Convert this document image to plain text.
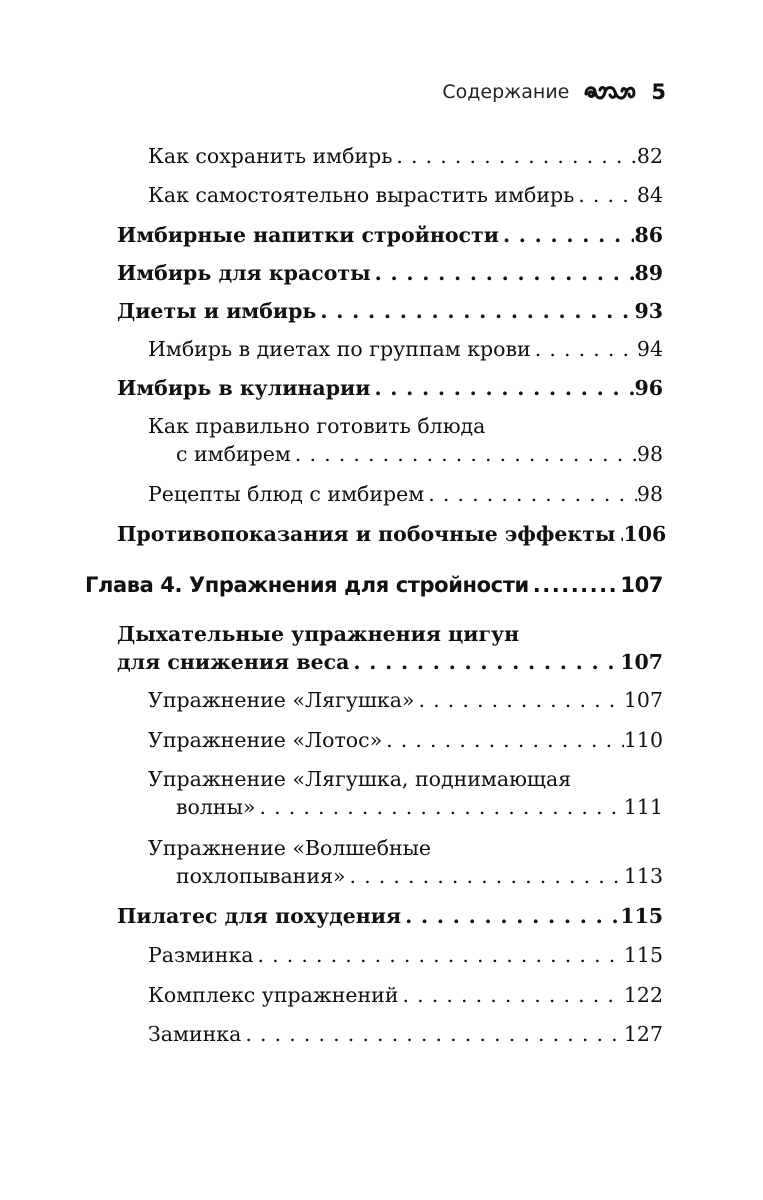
Содержание	5
Как сохранить имбирь . . .	82
Как самостоятельно вырастить имбирь . . .	84
Имбирные напитки стройности . . .	86
Имбирь для красоты . . .	89
Диеты и имбирь . . .	93
Имбирь в диетах по группам крови . . .	94
Имбирь в кулинарии . . .	96
Как правильно готовить блюда
с имбирем . . .	98
Рецепты блюд с имбирем . . .	98
Противопоказания и побочные эффекты . . . 106
Глава 4. Упражнения для стройности .....	107
Дыхательные упражнения цигун
для снижения веса . . .	107
Упражнение «Лягушка» . . .	107
Упражнение «Лотос» . . .	110
Упражнение «Лягушка, поднимающая
волны» . . .	111
Упражнение «Волшебные
похлопывания» . . .	113
Пилатес для похудения . . .	115
Разминка . . .	115
Комплекс упражнений . . .	122
Заминка . . .	127
